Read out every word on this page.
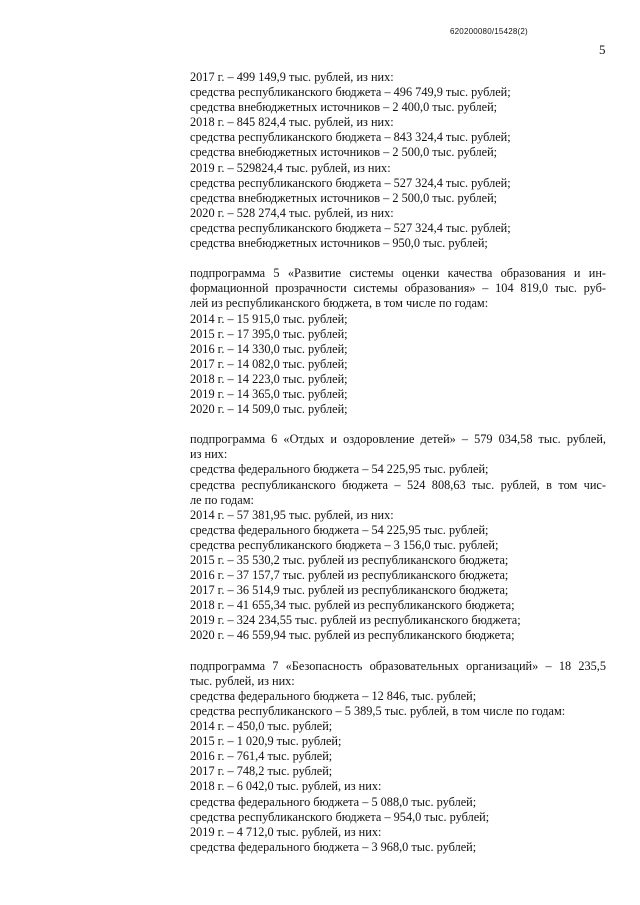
620200080/15428(2)
5
2017 г. – 499 149,9 тыс. рублей, из них:
средства республиканского бюджета – 496 749,9 тыс. рублей;
средства внебюджетных источников – 2 400,0 тыс. рублей;
2018 г. – 845 824,4 тыс. рублей, из них:
средства республиканского бюджета – 843 324,4 тыс. рублей;
средства внебюджетных источников – 2 500,0 тыс. рублей;
2019 г. – 529824,4 тыс. рублей, из них:
средства республиканского бюджета – 527 324,4 тыс. рублей;
средства внебюджетных источников – 2 500,0 тыс. рублей;
2020 г. – 528 274,4 тыс. рублей, из них:
средства республиканского бюджета – 527 324,4 тыс. рублей;
средства внебюджетных источников – 950,0 тыс. рублей;
подпрограмма 5 «Развитие системы оценки качества образования и ин-
формационной прозрачности системы образования» – 104 819,0 тыс. руб-
лей из республиканского бюджета, в том числе по годам:
2014 г. – 15 915,0 тыс. рублей;
2015 г. – 17 395,0 тыс. рублей;
2016 г. – 14 330,0 тыс. рублей;
2017 г. – 14 082,0 тыс. рублей;
2018 г. – 14 223,0 тыс. рублей;
2019 г. – 14 365,0 тыс. рублей;
2020 г. – 14 509,0 тыс. рублей;
подпрограмма 6 «Отдых и оздоровление детей» – 579 034,58 тыс. рублей,
из них:
средства федерального бюджета – 54 225,95 тыс. рублей;
средства республиканского бюджета – 524 808,63 тыс. рублей, в том чис-
ле по годам:
2014 г. – 57 381,95 тыс. рублей, из них:
средства федерального бюджета – 54 225,95 тыс. рублей;
средства республиканского бюджета – 3 156,0 тыс. рублей;
2015 г. – 35 530,2 тыс. рублей из республиканского бюджета;
2016 г. – 37 157,7 тыс. рублей из республиканского бюджета;
2017 г. – 36 514,9 тыс. рублей из республиканского бюджета;
2018 г. – 41 655,34 тыс. рублей из республиканского бюджета;
2019 г. – 324 234,55 тыс. рублей из республиканского бюджета;
2020 г. – 46 559,94 тыс. рублей из республиканского бюджета;
подпрограмма 7 «Безопасность образовательных организаций» – 18 235,5
тыс. рублей, из них:
средства федерального бюджета – 12 846, тыс. рублей;
средства республиканского – 5 389,5 тыс. рублей, в том числе по годам:
2014 г. – 450,0 тыс. рублей;
2015 г. – 1 020,9 тыс. рублей;
2016 г. – 761,4 тыс. рублей;
2017 г. – 748,2 тыс. рублей;
2018 г. – 6 042,0 тыс. рублей, из них:
средства федерального бюджета – 5 088,0 тыс. рублей;
средства республиканского бюджета – 954,0 тыс. рублей;
2019 г. – 4 712,0 тыс. рублей, из них:
средства федерального бюджета – 3 968,0 тыс. рублей;
